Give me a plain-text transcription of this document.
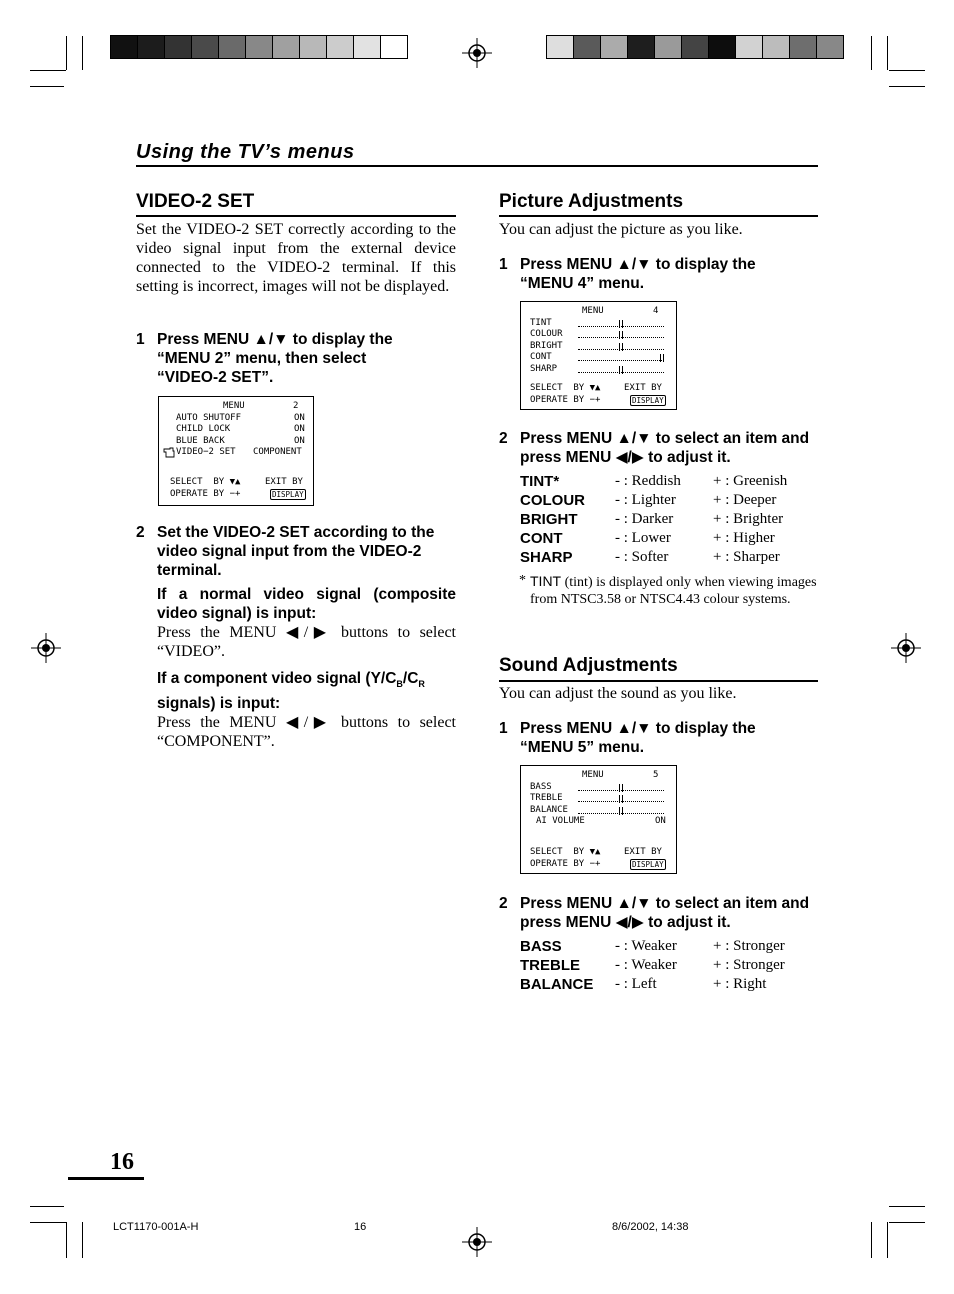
Using the TV’s menus
VIDEO-2 SET
Set the VIDEO-2 SET correctly according to the video signal input from the external device connected to the VIDEO-2 terminal. If this setting is incorrect, images will not be displayed.
1 Press MENU ▲/▼ to display the “MENU 2” menu, then select “VIDEO-2 SET”.
MENU	2
AUTO SHUTOFF	ON
CHILD LOCK	ON
BLUE BACK	ON
VIDEO−2 SET COMPONENT
SELECT  BY ▼▲	EXIT BY
OPERATE BY −+	DISPLAY
2 Set the VIDEO-2 SET according to the video signal input from the VIDEO-2 terminal.
If a normal video signal (composite video signal) is input:
Press the MENU ◀/▶ buttons to select “VIDEO”.
If a component video signal ($Y/C_B/C_R$
signals) is input:
Press the MENU ◀/▶ buttons to select “COMPONENT”.
Picture Adjustments
You can adjust the picture as you like.
1 Press MENU ▲/▼ to display the “MENU 4” menu.
MENU	4
SELECT  BY ▼▲	EXIT BY
OPERATE BY −+	DISPLAY
TINT
COLOUR
BRIGHT
CONT
SHARP
2 Press MENU ▲/▼ to select an item and press MENU ◀/▶ to adjust it.
TINT*	- : Reddish	+ : Greenish
COLOUR	- : Lighter	+ : Deeper
BRIGHT	- : Darker	+ : Brighter
CONT	- : Lower	+ : Higher
SHARP	- : Softer	+ : Sharper
* TINT (tint) is displayed only when viewing images from NTSC3.58 or NTSC4.43 colour systems.
Sound Adjustments
You can adjust the sound as you like.
1 Press MENU ▲/▼ to display the “MENU 5” menu.
MENU	5
AI VOLUME	ON
SELECT  BY ▼▲	EXIT BY
OPERATE BY −+	DISPLAY
BASS
TREBLE
BALANCE
2 Press MENU ▲/▼ to select an item and press MENU ◀/▶ to adjust it.
BASS	- : Weaker	+ : Stronger
TREBLE	- : Weaker	+ : Stronger
BALANCE	- : Left	+ : Right
16
LCT1170-001A-H	16	8/6/2002, 14:38
